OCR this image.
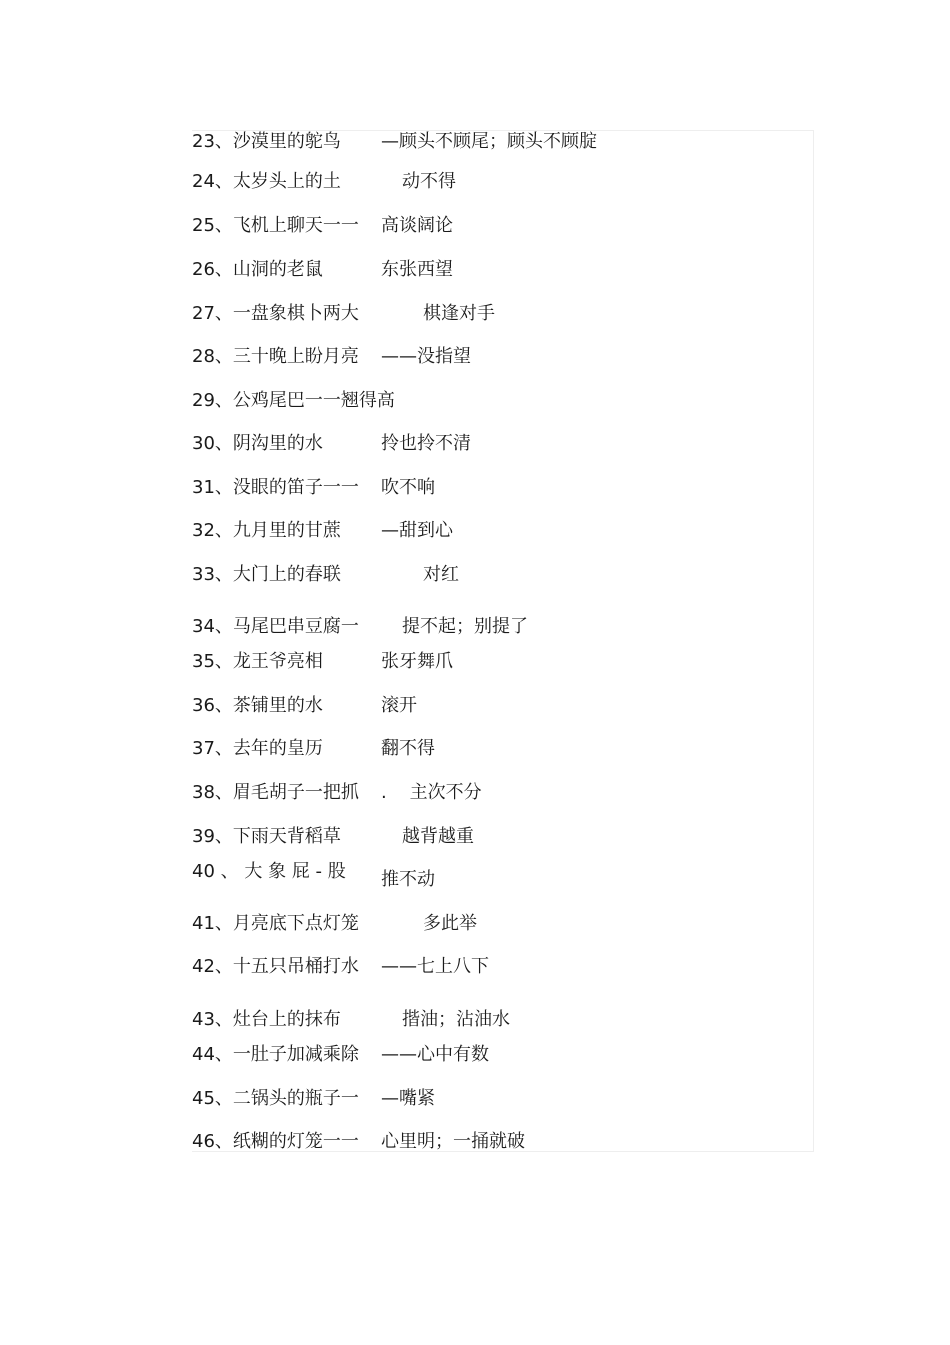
23、沙漠里的鸵鸟 —顾头不顾尾；顾头不顾腚
24、太岁头上的土	动不得
25、飞机上聊天一一 高谈阔论
26、山洞的老鼠	东张西望
27、一盘象棋卜两大	棋逢对手
28、三十晚上盼月亮 ——没指望
29、公鸡尾巴一一翘得高
30、阴沟里的水	拎也拎不清
31、没眼的笛子一一 吹不响
32、九月里的甘蔗 —甜到心
33、大门上的春联	对红
34、马尾巴串豆腐一 提不起；别提了
35、龙王爷亮相	张牙舞爪
36、茶铺里的水	滚开
37、去年的皇历	翻不得
38、眉毛胡子一把抓 .    主次不分
39、下雨天背稻草	越背越重
40 、 大 象 屁 - 股 推不动
41、月亮底下点灯笼	多此举
42、十五只吊桶打水 ——七上八下
43、灶台上的抹布	揩油；沾油水
44、一肚子加减乘除 ——心中有数
45、二锅头的瓶子一 —嘴紧
46、纸糊的灯笼一一 心里明；一捅就破
